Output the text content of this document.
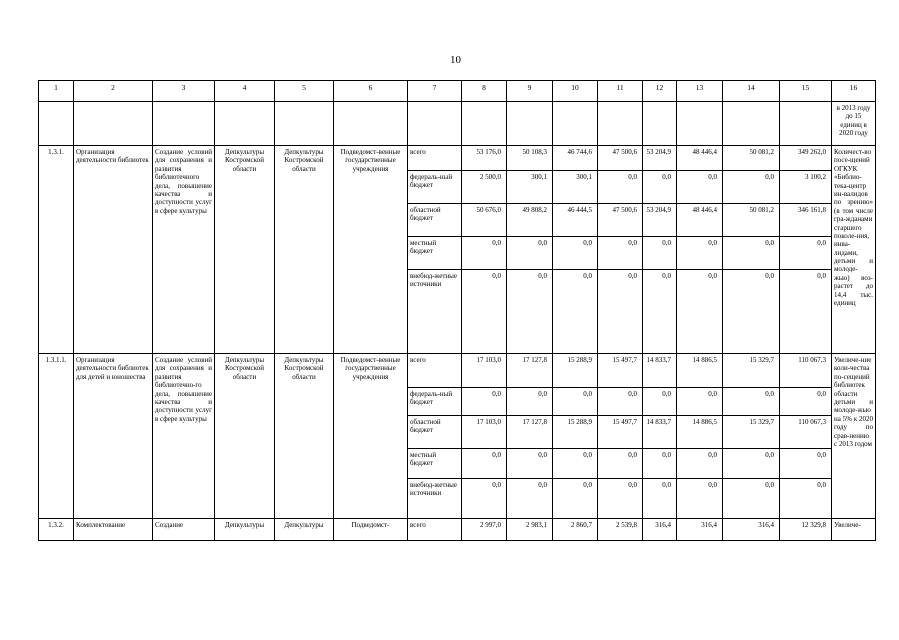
10
1	2	3	4	5	6	7	8	9	10	11	12	13	14	15	16
															в 2013 году до 15 единиц в 2020 году
1.3.1.	Организация деятельности библиотек	Создание условий для сохранения и развития библиотечного дела, повышение качества и доступности услуг в сфере культуры	Депкультуры Костромской области	Депкультуры Костромской области	Подведомст-венные государственные учреждения	всего	53 176,0	50 108,3	46 744,6	47 500,6	53 204,9	48 446,4	50 081,2	349 262,0	Количест-во посе-щений ОГКУК «Библио-тека-центр ин-валидов по зрению» (в том числе гра-жданами старшего поколе-ния, инва-лидами, детьми и молоде-жью) воз-растет до 14,4 тыс. единиц
						федераль-ный бюджет	2 500,0	300,1	300,1	0,0	0,0	0,0	0,0	3 100,2	
						областной бюджет	50 676,0	49 808,2	46 444,5	47 500,6	53 204,9	48 446,4	50 081,2	346 161,8	
						местный бюджет	0,0	0,0	0,0	0,0	0,0	0,0	0,0	0,0	
						внебюд-жетные источники	0,0	0,0	0,0	0,0	0,0	0,0	0,0	0,0	
1.3.1.1.	Организация деятельности библиотек для детей и юношества	Создание условий для сохранения и развития библиотечно-го дела, повышение качества и доступности услуг в сфере культуры	Депкультуры Костромской области	Депкультуры Костромской области	Подведомст-венные государственные учреждения	всего	17 103,0	17 127,8	15 288,9	15 497,7	14 833,7	14 886,5	15 329,7	110 067,3	Увеличе-ние коли-чества по-сещений библиотек области детьми и молоде-жью на 5% к 2020 году по срав-нению с 2013 годом
						федераль-ный бюджет	0,0	0,0	0,0	0,0	0,0	0,0	0,0	0,0	
						областной бюджет	17 103,0	17 127,8	15 288,9	15 497,7	14 833,7	14 886,5	15 329,7	110 067,3	
						местный бюджет	0,0	0,0	0,0	0,0	0,0	0,0	0,0	0,0	
						внебюд-жетные источники	0,0	0,0	0,0	0,0	0,0	0,0	0,0	0,0	
1.3.2.	Комплектование	Создание	Депкультуры	Депкультуры	Подведомст-	всего	2 997,0	2 983,1	2 860,7	2 539,8	316,4	316,4	316,4	12 329,8	Увеличе-
